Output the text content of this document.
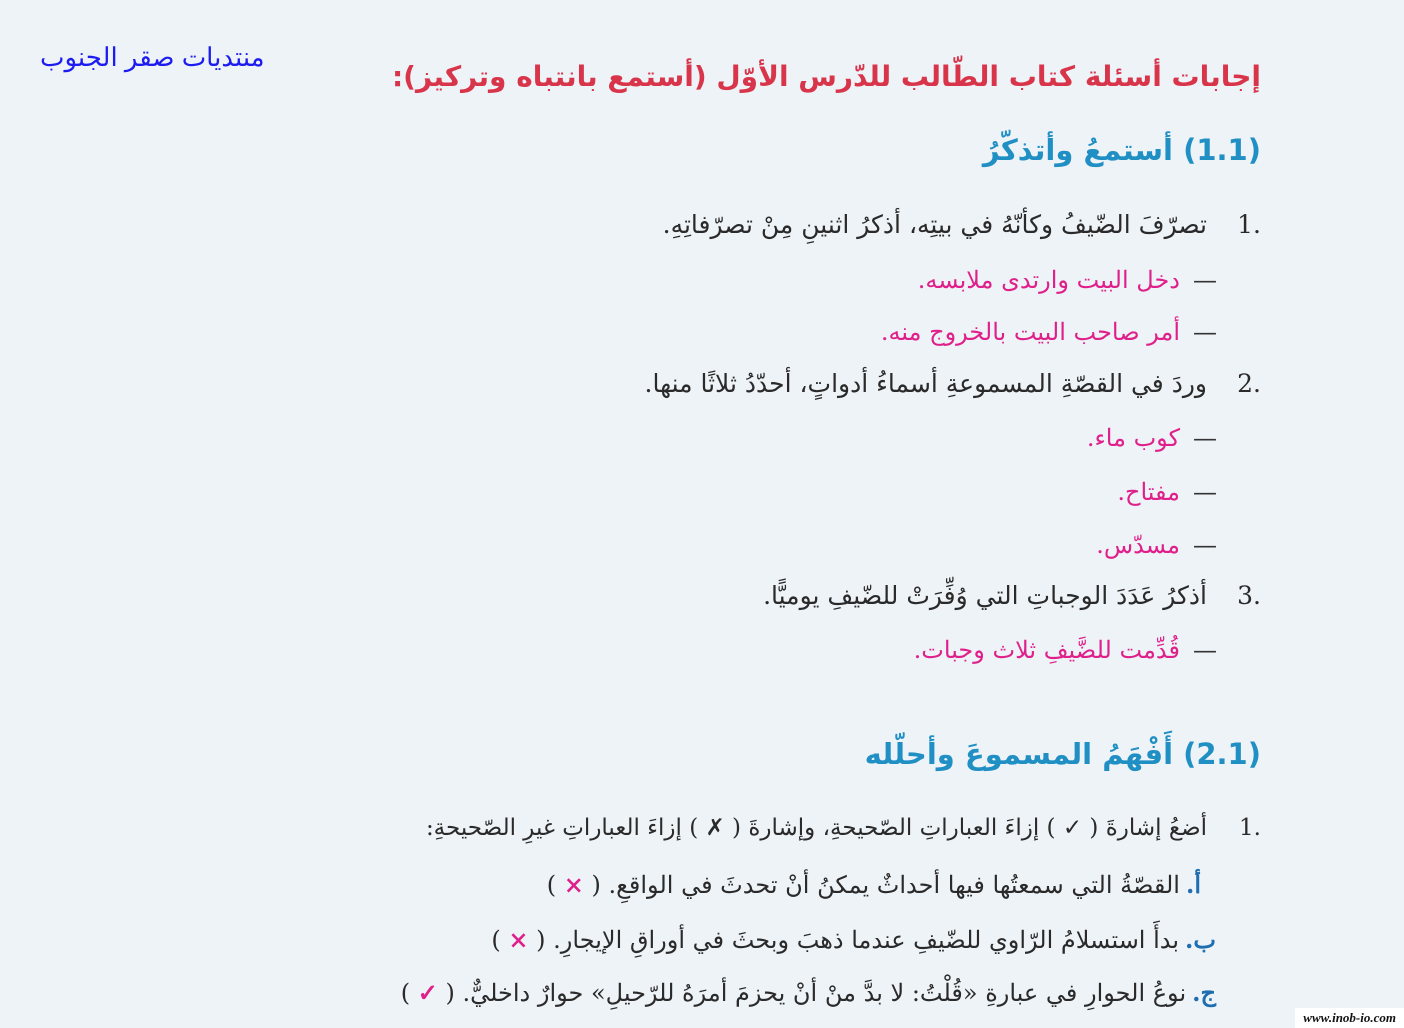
منتديات صقر الجنوب
إجابات أسئلة كتاب الطّالب للدّرس الأوّل (أستمع بانتباه وتركيز):
(1.1) أستمعُ وأتذكّرُ
1.تصرّفَ الضّيفُ وكأنّهُ في بيتِه، أذكرُ اثنينِ مِنْ تصرّفاتِهِ.
—دخل البيت وارتدى ملابسه.
—أمر صاحب البيت بالخروج منه.
2.وردَ في القصّةِ المسموعةِ أسماءُ أدواتٍ، أحدّدُ ثلاثًا منها.
—كوب ماء.
—مفتاح.
—مسدّس.
3.أذكرُ عَدَدَ الوجباتِ التي وُفِّرَتْ للضّيفِ يوميًّا.
—قُدِّمت للضَّيفِ ثلاث وجبات.
(2.1) أَفْهَمُ المسموعَ وأحلّله
1.أضعُ إشارةَ ( ✓ ) إزاءَ العباراتِ الصّحيحةِ، وإشارةَ ( ✗ ) إزاءَ العباراتِ غيرِ الصّحيحةِ:
أ.القصّةُ التي سمعتُها فيها أحداثٌ يمكنُ أنْ تحدثَ في الواقعِ. ( × )
ب.بدأَ استسلامُ الرّاوي للضّيفِ عندما ذهبَ وبحثَ في أوراقِ الإيجارِ. ( × )
ج.نوعُ الحوارِ في عبارةِ «قُلْتُ: لا بدَّ منْ أنْ يحزمَ أمرَهُ للرّحيلِ» حوارٌ داخليٌّ. ( ✓ )
www.inob-io.com
